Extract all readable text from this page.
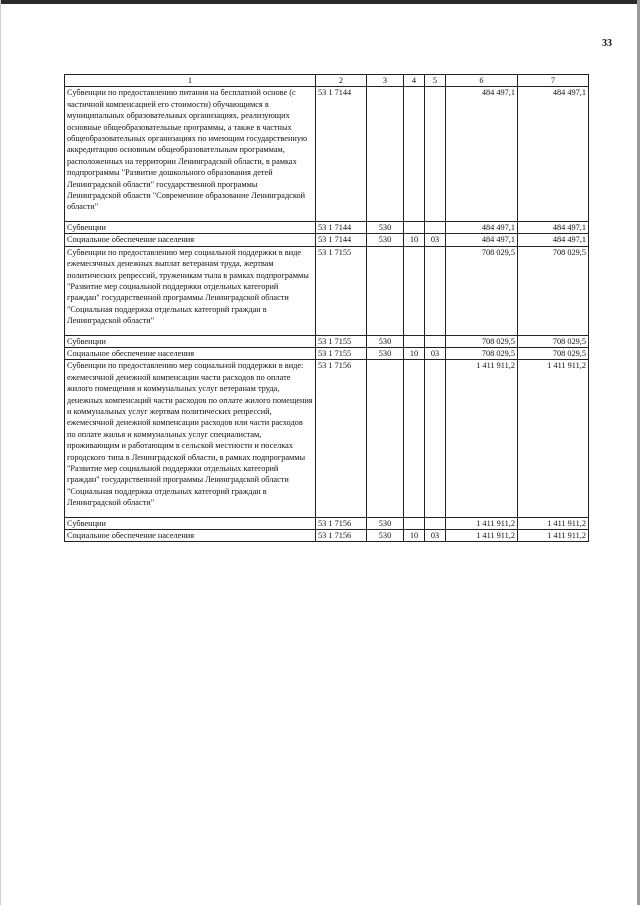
33
1	2	3	4	5	6	7
Субвенции по предоставлению питания на бесплатной основе (с частичной компенсацией его стоимости) обучающимся в муниципальных образовательных организациях, реализующих основные общеобразовательные программы, а также в частных общеобразовательных организациях по имеющим государственную аккредитацию основным общеобразовательным программам, расположенных на территории Ленинградской области, в рамках подпрограммы "Развитие дошкольного образования детей Ленинградской области" государственной программы Ленинградской области "Современное образование Ленинградской области"	53 1 7144				484 497,1	484 497,1
Субвенции	53 1 7144	530			484 497,1	484 497,1
Социальное обеспечение населения	53 1 7144	530	10	03	484 497,1	484 497,1
Субвенции по предоставлению мер социальной поддержки в виде ежемесячных денежных выплат ветеранам труда, жертвам политических репрессий, труженикам тыла в рамках подпрограммы "Развитие мер социальной поддержки отдельных категорий граждан" государственной программы Ленинградской области "Социальная поддержка отдельных категорий граждан в Ленинградской области"	53 1 7155				708 029,5	708 029,5
Субвенции	53 1 7155	530			708 029,5	708 029,5
Социальное обеспечение населения	53 1 7155	530	10	03	708 029,5	708 029,5
Субвенции по предоставлению мер социальной поддержки в виде: ежемесячной денежной компенсации части расходов по оплате жилого помещения и коммунальных услуг ветеранам труда, денежных компенсаций части расходов по оплате жилого помещения и коммунальных услуг жертвам политических репрессий, ежемесячной денежной компенсации расходов или части расходов по оплате жилья и коммунальных услуг специалистам, проживающим и работающим в сельской местности и поселках городского типа в Ленинградской области, в рамках подпрограммы "Развитие мер социальной поддержки отдельных категорий граждан" государственной программы Ленинградской области "Социальная поддержка отдельных категорий граждан в Ленинградской области"	53 1 7156				1 411 911,2	1 411 911,2
Субвенции	53 1 7156	530			1 411 911,2	1 411 911,2
Социальное обеспечение населения	53 1 7156	530	10	03	1 411 911,2	1 411 911,2
